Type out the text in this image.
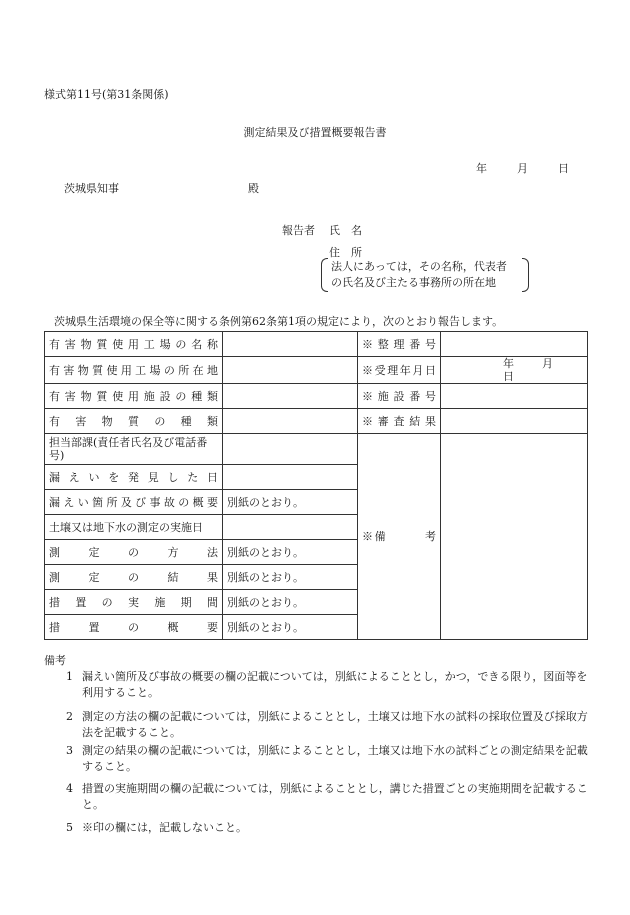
様式第11号(第31条関係)
測定結果及び措置概要報告書
年	月	日
茨城県知事	殿
報告者 氏　名
住　所
法人にあっては，その名称，代表者
の氏名及び主たる事務所の所在地
茨城県生活環境の保全等に関する条例第62条第1項の規定により，次のとおり報告します。
有害物質使用工場の名称		※整理番号	
有害物質使用工場の所在地		※受理年月日	年 月日
有害物質使用施設の種類		※施設番号	
有害物質の種類		※審査結果	
担当部課(責任者氏名及び電話番号)		※備　　　考	
漏えいを発見した日			
漏えい箇所及び事故の概要	別紙のとおり。		
土壌又は地下水の測定の実施日			
測定の方法	別紙のとおり。		
測定の結果	別紙のとおり。		
措置の実施期間	別紙のとおり。		
措置の概要	別紙のとおり。		
備考
1 漏えい箇所及び事故の概要の欄の記載については，別紙によることとし，かつ，できる限り，図面等を利用すること。
2 測定の方法の欄の記載については，別紙によることとし，土壌又は地下水の試料の採取位置及び採取方法を記載すること。
3 測定の結果の欄の記載については，別紙によることとし，土壌又は地下水の試料ごとの測定結果を記載すること。
4 措置の実施期間の欄の記載については，別紙によることとし，講じた措置ごとの実施期間を記載すること。
5 ※印の欄には，記載しないこと。
